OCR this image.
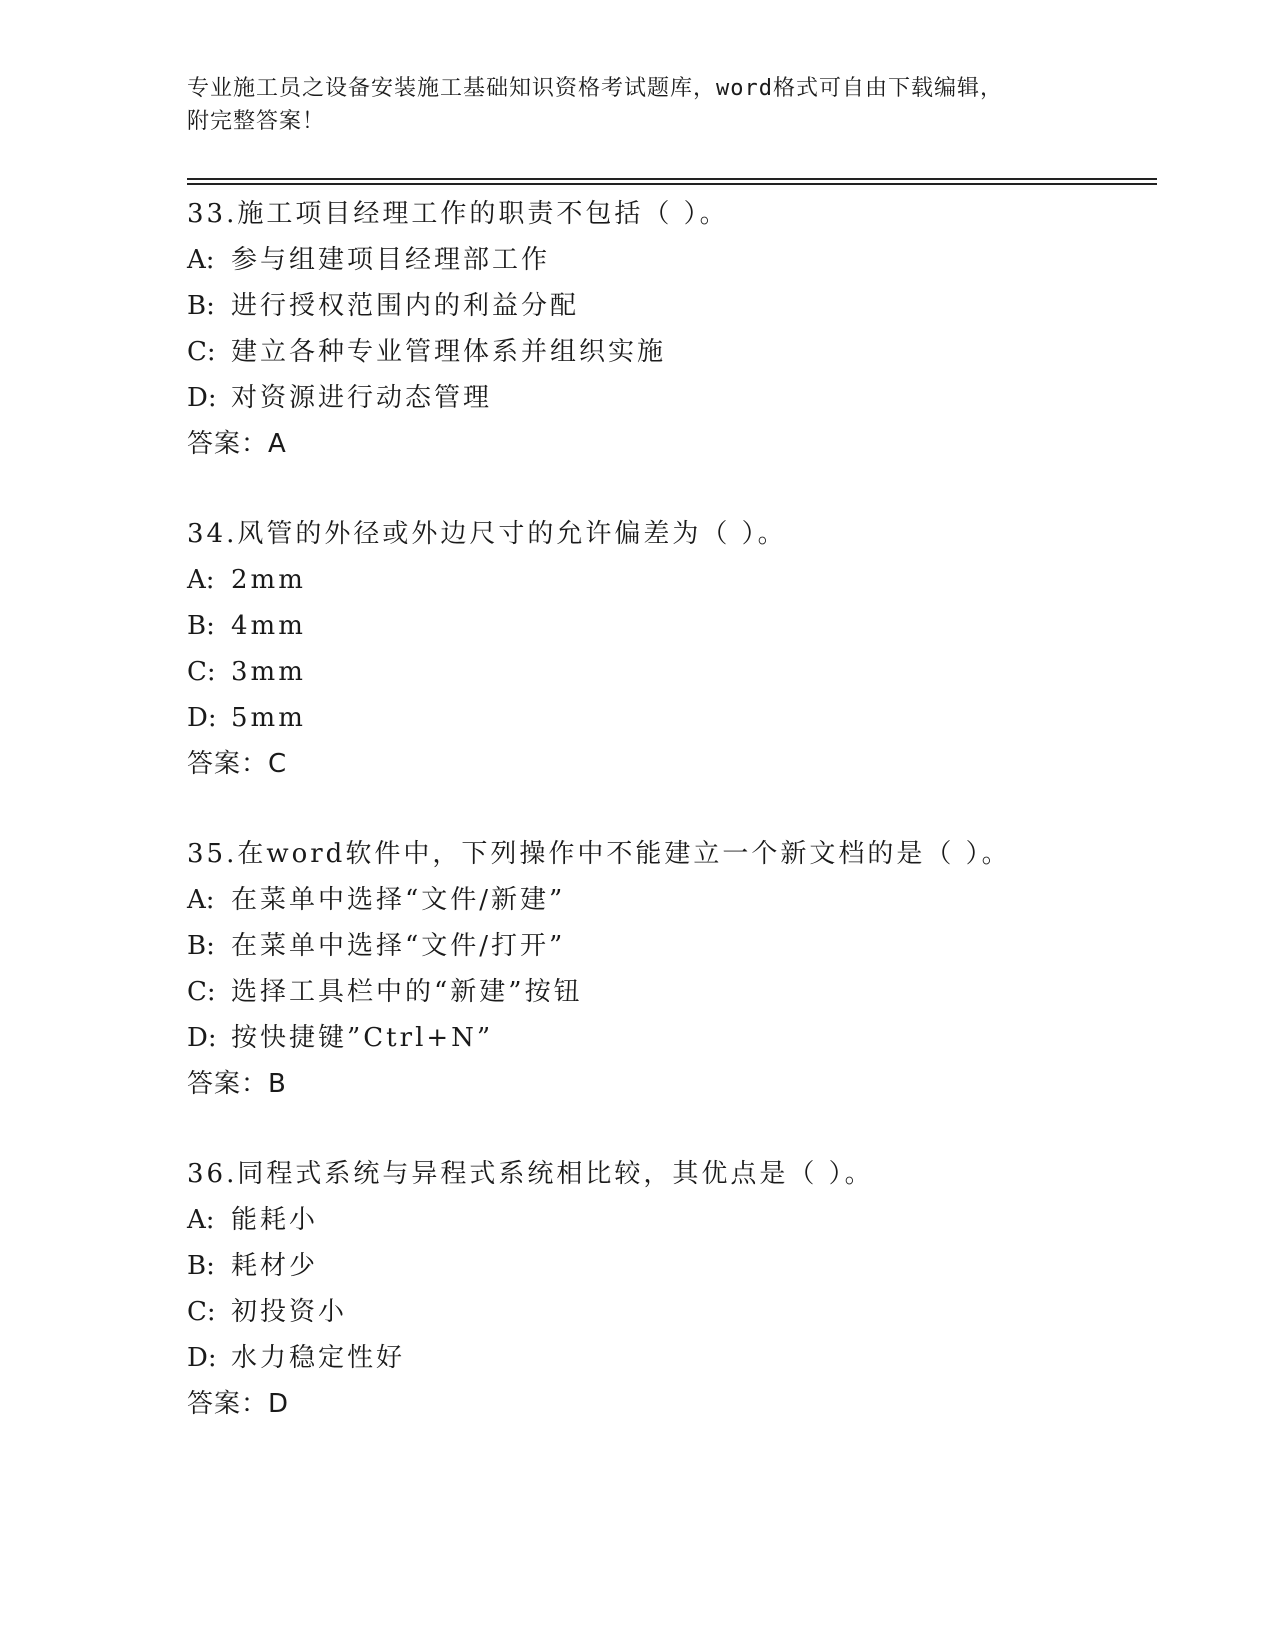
专业施工员之设备安装施工基础知识资格考试题库，word格式可自由下载编辑，
附完整答案！
33.施工项目经理工作的职责不包括（ ）。
A: 参与组建项目经理部工作
B: 进行授权范围内的利益分配
C: 建立各种专业管理体系并组织实施
D: 对资源进行动态管理
答案：A
34.风管的外径或外边尺寸的允许偏差为（ ）。
A: 2mm
B: 4mm
C: 3mm
D: 5mm
答案：C
35.在word软件中，下列操作中不能建立一个新文档的是（ ）。
A: 在菜单中选择“文件/新建”
B: 在菜单中选择“文件/打开”
C: 选择工具栏中的“新建”按钮
D: 按快捷键”Ctrl+N”
答案：B
36.同程式系统与异程式系统相比较，其优点是（ ）。
A: 能耗小
B: 耗材少
C: 初投资小
D: 水力稳定性好
答案：D
